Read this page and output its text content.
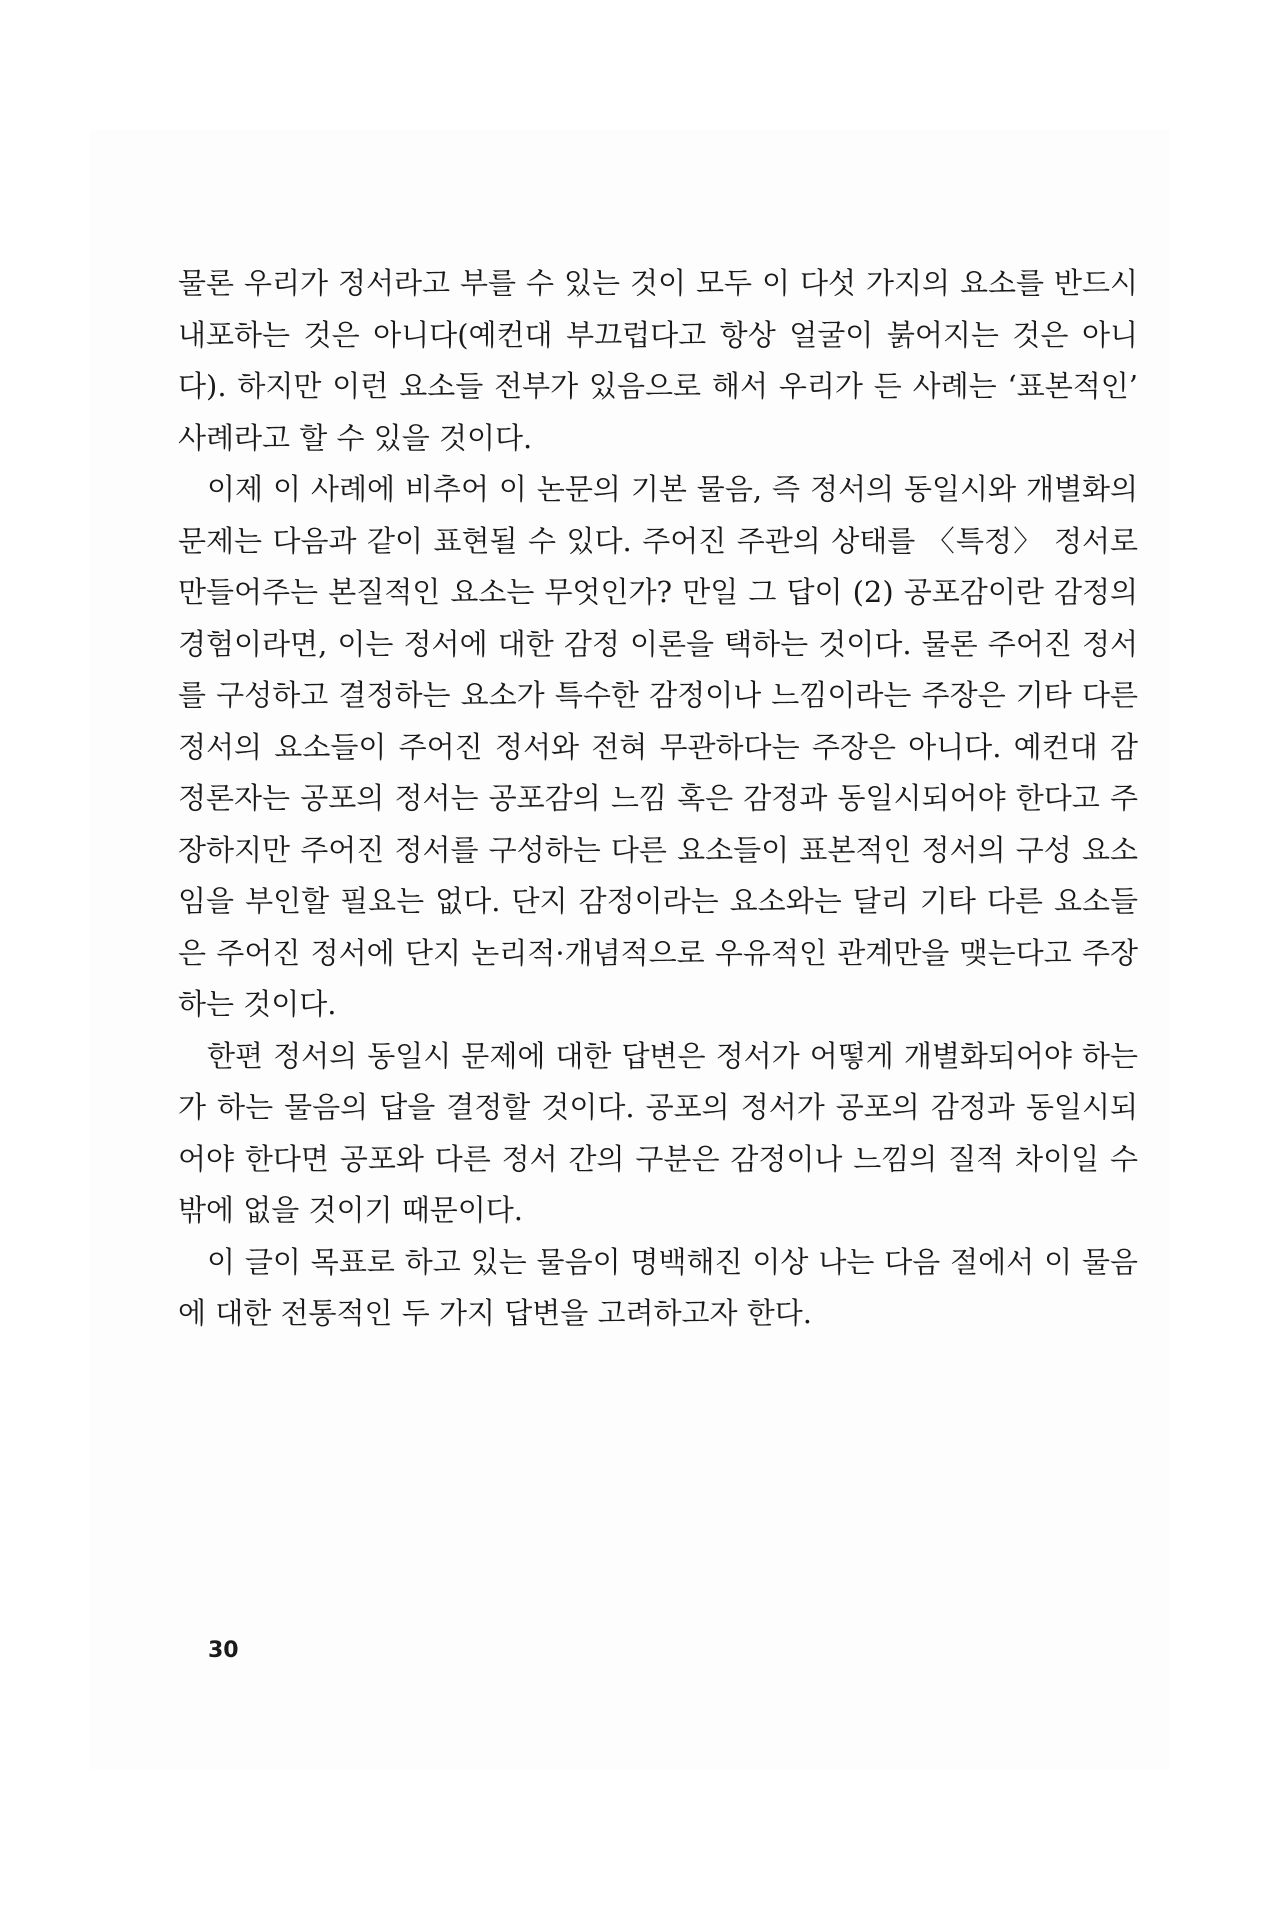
물론 우리가 정서라고 부를 수 있는 것이 모두 이 다섯 가지의 요소를 반드시 내포하는 것은 아니다(예컨대 부끄럽다고 항상 얼굴이 붉어지는 것은 아니다). 하지만 이런 요소들 전부가 있음으로 해서 우리가 든 사례는 ‘표본적인’ 사례라고 할 수 있을 것이다.

이제 이 사례에 비추어 이 논문의 기본 물음, 즉 정서의 동일시와 개별화의 문제는 다음과 같이 표현될 수 있다. 주어진 주관의 상태를 〈특정〉 정서로 만들어주는 본질적인 요소는 무엇인가? 만일 그 답이 (2) 공포감이란 감정의 경험이라면, 이는 정서에 대한 감정 이론을 택하는 것이다. 물론 주어진 정서를 구성하고 결정하는 요소가 특수한 감정이나 느낌이라는 주장은 기타 다른 정서의 요소들이 주어진 정서와 전혀 무관하다는 주장은 아니다. 예컨대 감정론자는 공포의 정서는 공포감의 느낌 혹은 감정과 동일시되어야 한다고 주장하지만 주어진 정서를 구성하는 다른 요소들이 표본적인 정서의 구성 요소임을 부인할 필요는 없다. 단지 감정이라는 요소와는 달리 기타 다른 요소들은 주어진 정서에 단지 논리적·개념적으로 우유적인 관계만을 맺는다고 주장하는 것이다.

한편 정서의 동일시 문제에 대한 답변은 정서가 어떻게 개별화되어야 하는가 하는 물음의 답을 결정할 것이다. 공포의 정서가 공포의 감정과 동일시되어야 한다면 공포와 다른 정서 간의 구분은 감정이나 느낌의 질적 차이일 수밖에 없을 것이기 때문이다.

이 글이 목표로 하고 있는 물음이 명백해진 이상 나는 다음 절에서 이 물음에 대한 전통적인 두 가지 답변을 고려하고자 한다.

30
